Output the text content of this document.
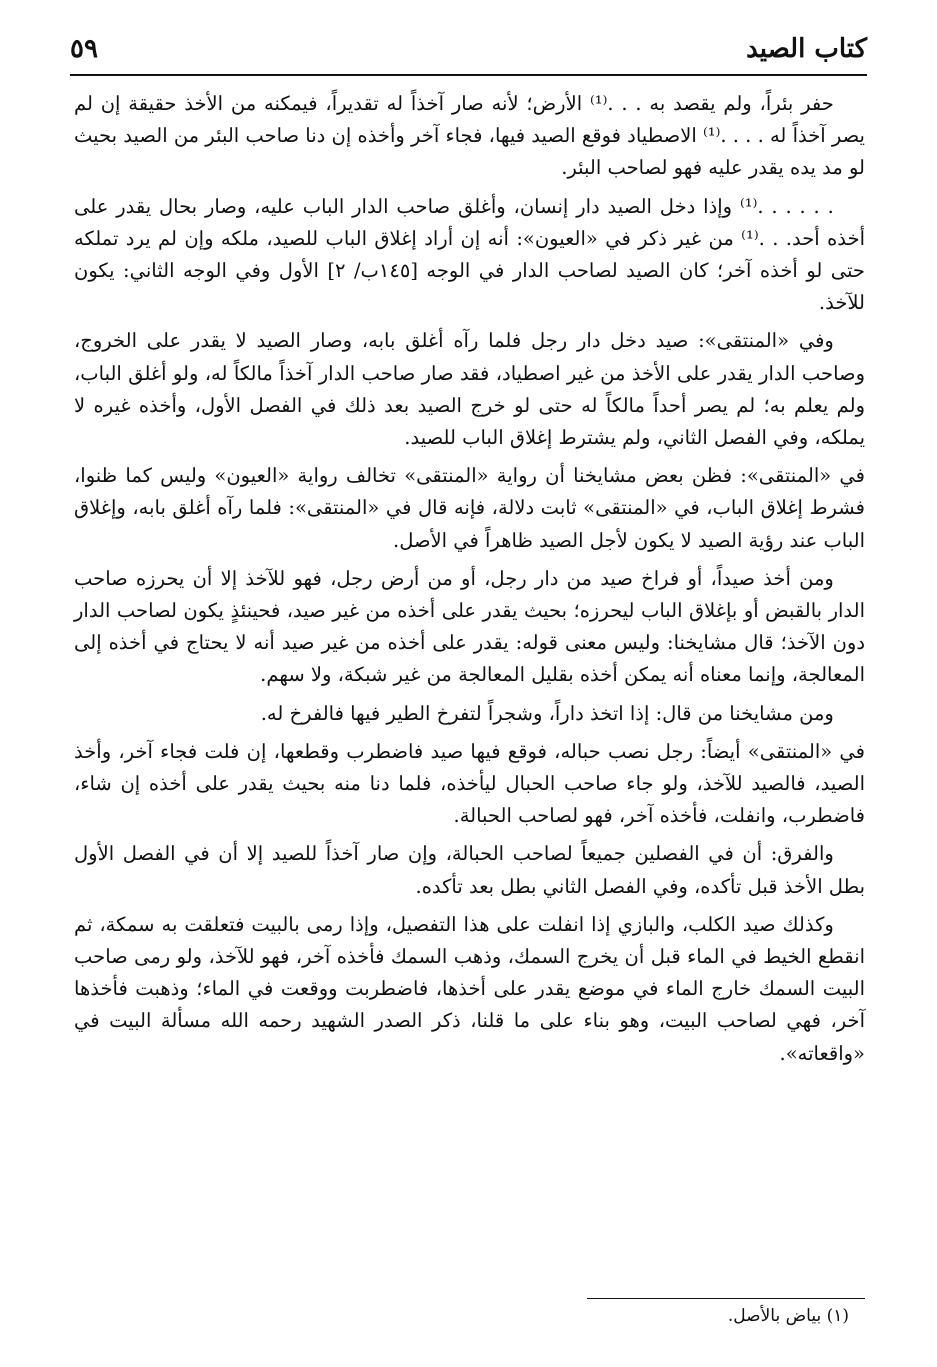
كتاب الصيد
٥٩

حفر بئراً، ولم يقصد به . . .⁽¹⁾ الأرض؛ لأنه صار آخذاً له تقديراً، فيمكنه من الأخذ حقيقة إن لم يصر آخذاً له . . . .⁽¹⁾ الاصطياد فوقع الصيد فيها، فجاء آخر وأخذه إن دنا صاحب البئر من الصيد بحيث لو مد يده يقدر عليه فهو لصاحب البئر.

. . . . . .⁽¹⁾ وإذا دخل الصيد دار إنسان، وأغلق صاحب الدار الباب عليه، وصار بحال يقدر على أخذه أحد. . .⁽¹⁾ من غير ذكر في «العيون»: أنه إن أراد إغلاق الباب للصيد، ملكه وإن لم يرد تملكه حتى لو أخذه آخر؛ كان الصيد لصاحب الدار في الوجه [١٤٥ب/ ٢] الأول وفي الوجه الثاني: يكون للآخذ.

وفي «المنتقى»: صيد دخل دار رجل فلما رآه أغلق بابه، وصار الصيد لا يقدر على الخروج، وصاحب الدار يقدر على الأخذ من غير اصطياد، فقد صار صاحب الدار آخذاً مالكاً له، ولو أغلق الباب، ولم يعلم به؛ لم يصر أحداً مالكاً له حتى لو خرج الصيد بعد ذلك في الفصل الأول، وأخذه غيره لا يملكه، وفي الفصل الثاني، ولم يشترط إغلاق الباب للصيد.

في «المنتقى»: فظن بعض مشايخنا أن رواية «المنتقى» تخالف رواية «العيون» وليس كما ظنوا، فشرط إغلاق الباب، في «المنتقى» ثابت دلالة، فإنه قال في «المنتقى»: فلما رآه أغلق بابه، وإغلاق الباب عند رؤية الصيد لا يكون لأجل الصيد ظاهراً في الأصل.

ومن أخذ صيداً، أو فراخ صيد من دار رجل، أو من أرض رجل، فهو للآخذ إلا أن يحرزه صاحب الدار بالقبض أو بإغلاق الباب ليحرزه؛ بحيث يقدر على أخذه من غير صيد، فحينئذٍ يكون لصاحب الدار دون الآخذ؛ قال مشايخنا: وليس معنى قوله: يقدر على أخذه من غير صيد أنه لا يحتاج في أخذه إلى المعالجة، وإنما معناه أنه يمكن أخذه بقليل المعالجة من غير شبكة، ولا سهم.

ومن مشايخنا من قال: إذا اتخذ داراً، وشجراً لتفرخ الطير فيها فالفرخ له.

في «المنتقى» أيضاً: رجل نصب حباله، فوقع فيها صيد فاضطرب وقطعها، إن فلت فجاء آخر، وأخذ الصيد، فالصيد للآخذ، ولو جاء صاحب الحبال ليأخذه، فلما دنا منه بحيث يقدر على أخذه إن شاء، فاضطرب، وانفلت، فأخذه آخر، فهو لصاحب الحبالة.

والفرق: أن في الفصلين جميعاً لصاحب الحبالة، وإن صار آخذاً للصيد إلا أن في الفصل الأول بطل الأخذ قبل تأكده، وفي الفصل الثاني بطل بعد تأكده.

وكذلك صيد الكلب، والبازي إذا انفلت على هذا التفصيل، وإذا رمى بالبيت فتعلقت به سمكة، ثم انقطع الخيط في الماء قبل أن يخرج السمك، وذهب السمك فأخذه آخر، فهو للآخذ، ولو رمى صاحب البيت السمك خارج الماء في موضع يقدر على أخذها، فاضطربت ووقعت في الماء؛ وذهبت فأخذها آخر، فهي لصاحب البيت، وهو بناء على ما قلنا، ذكر الصدر الشهيد رحمه الله مسألة البيت في «واقعاته».

(١) بياض بالأصل.
